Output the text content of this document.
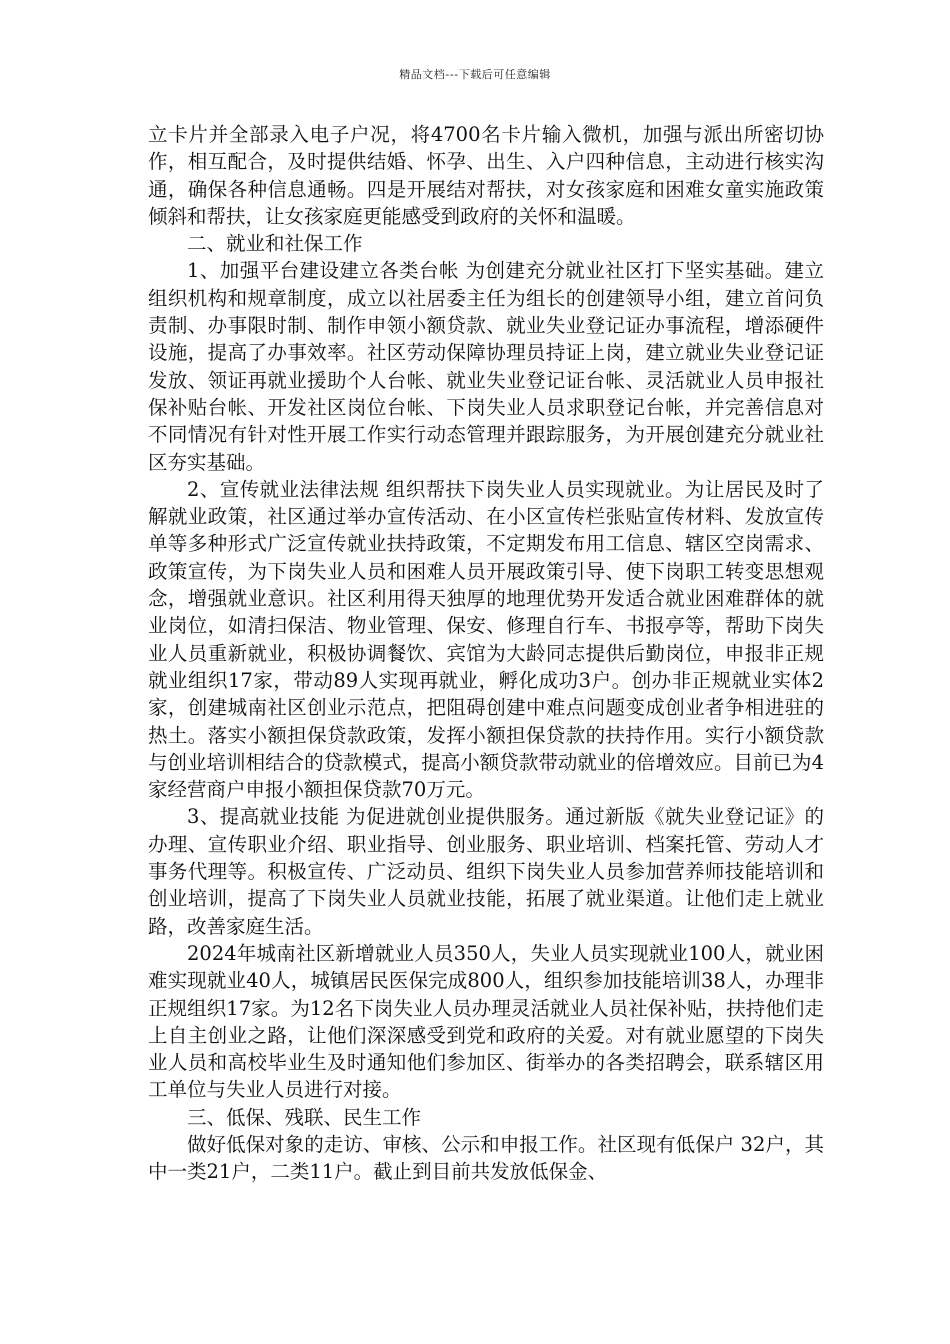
精品文档---下载后可任意编辑

立卡片并全部录入电子户况，将4700名卡片输入微机，加强与派出所密切协作，相互配合，及时提供结婚、怀孕、出生、入户四种信息，主动进行核实沟通，确保各种信息通畅。四是开展结对帮扶，对女孩家庭和困难女童实施政策倾斜和帮扶，让女孩家庭更能感受到政府的关怀和温暖。

二、就业和社保工作

1、加强平台建设建立各类台帐 为创建充分就业社区打下坚实基础。建立组织机构和规章制度，成立以社居委主任为组长的创建领导小组，建立首问负责制、办事限时制、制作申领小额贷款、就业失业登记证办事流程，增添硬件设施，提高了办事效率。社区劳动保障协理员持证上岗，建立就业失业登记证发放、领证再就业援助个人台帐、就业失业登记证台帐、灵活就业人员申报社保补贴台帐、开发社区岗位台帐、下岗失业人员求职登记台帐，并完善信息对不同情况有针对性开展工作实行动态管理并跟踪服务，为开展创建充分就业社区夯实基础。

2、宣传就业法律法规 组织帮扶下岗失业人员实现就业。为让居民及时了解就业政策，社区通过举办宣传活动、在小区宣传栏张贴宣传材料、发放宣传单等多种形式广泛宣传就业扶持政策，不定期发布用工信息、辖区空岗需求、政策宣传，为下岗失业人员和困难人员开展政策引导、使下岗职工转变思想观念，增强就业意识。社区利用得天独厚的地理优势开发适合就业困难群体的就业岗位，如清扫保洁、物业管理、保安、修理自行车、书报亭等，帮助下岗失业人员重新就业，积极协调餐饮、宾馆为大龄同志提供后勤岗位，申报非正规就业组织17家，带动89人实现再就业，孵化成功3户。创办非正规就业实体2家，创建城南社区创业示范点，把阻碍创建中难点问题变成创业者争相进驻的热土。落实小额担保贷款政策，发挥小额担保贷款的扶持作用。实行小额贷款与创业培训相结合的贷款模式，提高小额贷款带动就业的倍增效应。目前已为4家经营商户申报小额担保贷款70万元。

3、提高就业技能 为促进就创业提供服务。通过新版《就失业登记证》的办理、宣传职业介绍、职业指导、创业服务、职业培训、档案托管、劳动人才事务代理等。积极宣传、广泛动员、组织下岗失业人员参加营养师技能培训和创业培训，提高了下岗失业人员就业技能，拓展了就业渠道。让他们走上就业路，改善家庭生活。

2024年城南社区新增就业人员350人，失业人员实现就业100人，就业困难实现就业40人，城镇居民医保完成800人，组织参加技能培训38人，办理非正规组织17家。为12名下岗失业人员办理灵活就业人员社保补贴，扶持他们走上自主创业之路，让他们深深感受到党和政府的关爱。对有就业愿望的下岗失业人员和高校毕业生及时通知他们参加区、街举办的各类招聘会，联系辖区用工单位与失业人员进行对接。

三、低保、残联、民生工作

做好低保对象的走访、审核、公示和申报工作。社区现有低保户 32户，其中一类21户，二类11户。截止到目前共发放低保金、
